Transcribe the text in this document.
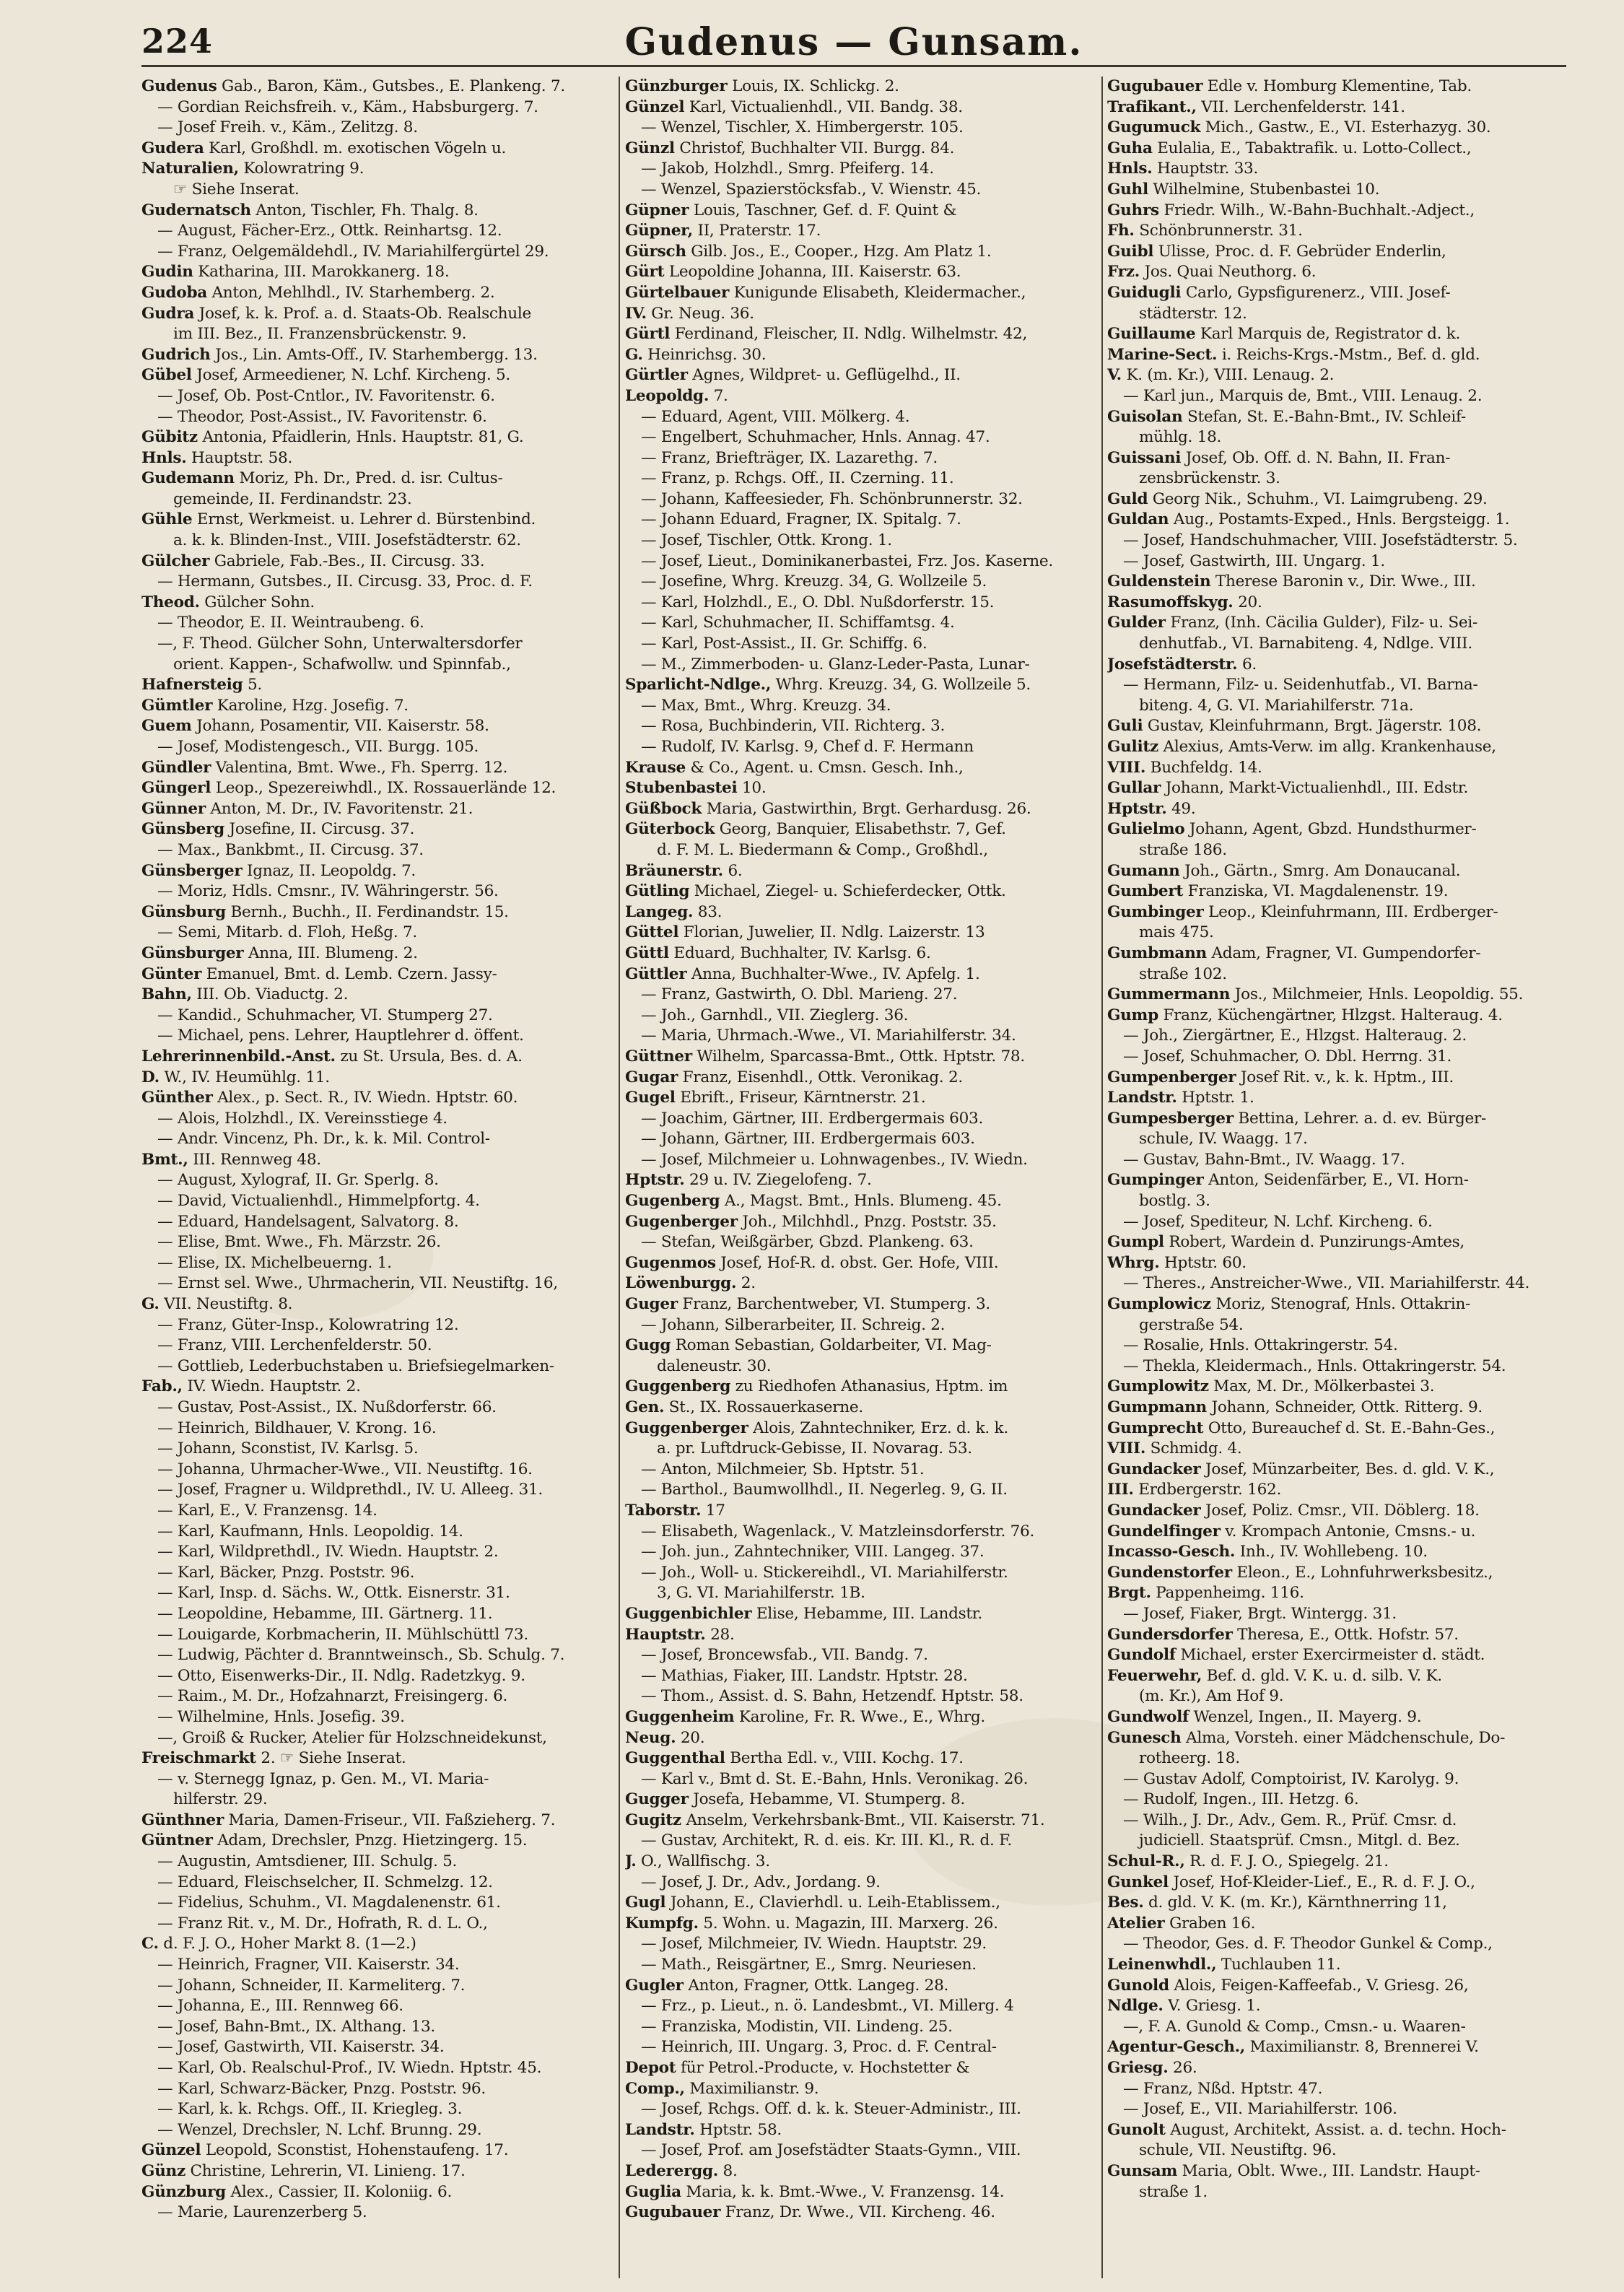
224	Gudenus — Gunsam.
Gudenus Gab., Baron, Käm., Gutsbes., E. Plankeng. 7.
— Gordian Reichsfreih. v., Käm., Habsburgerg. 7.
— Josef Freih. v., Käm., Zelitzg. 8.
Gudera Karl, Großhdl. m. exotischen Vögeln u.
Naturalien, Kolowratring 9.
☞ Siehe Inserat.
Gudernatsch Anton, Tischler, Fh. Thalg. 8.
— August, Fächer-Erz., Ottk. Reinhartsg. 12.
— Franz, Oelgemäldehdl., IV. Mariahilfergürtel 29.
Gudin Katharina, III. Marokkanerg. 18.
Gudoba Anton, Mehlhdl., IV. Starhemberg. 2.
Gudra Josef, k. k. Prof. a. d. Staats-Ob. Realschule
im III. Bez., II. Franzensbrückenstr. 9.
Gudrich Jos., Lin. Amts-Off., IV. Starhembergg. 13.
Gübel Josef, Armeediener, N. Lchf. Kircheng. 5.
— Josef, Ob. Post-Cntlor., IV. Favoritenstr. 6.
— Theodor, Post-Assist., IV. Favoritenstr. 6.
Gübitz Antonia, Pfaidlerin, Hnls. Hauptstr. 81, G.
Hnls. Hauptstr. 58.
Gudemann Moriz, Ph. Dr., Pred. d. isr. Cultus-
gemeinde, II. Ferdinandstr. 23.
Gühle Ernst, Werkmeist. u. Lehrer d. Bürstenbind.
a. k. k. Blinden-Inst., VIII. Josefstädterstr. 62.
Gülcher Gabriele, Fab.-Bes., II. Circusg. 33.
— Hermann, Gutsbes., II. Circusg. 33, Proc. d. F.
Theod. Gülcher Sohn.
— Theodor, E. II. Weintraubeng. 6.
—, F. Theod. Gülcher Sohn, Unterwaltersdorfer
orient. Kappen-, Schafwollw. und Spinnfab.,
Hafnersteig 5.
Gümtler Karoline, Hzg. Josefig. 7.
Guem Johann, Posamentir, VII. Kaiserstr. 58.
— Josef, Modistengesch., VII. Burgg. 105.
Gündler Valentina, Bmt. Wwe., Fh. Sperrg. 12.
Güngerl Leop., Spezereiwhdl., IX. Rossauerlände 12.
Günner Anton, M. Dr., IV. Favoritenstr. 21.
Günsberg Josefine, II. Circusg. 37.
— Max., Bankbmt., II. Circusg. 37.
Günsberger Ignaz, II. Leopoldg. 7.
— Moriz, Hdls. Cmsnr., IV. Währingerstr. 56.
Günsburg Bernh., Buchh., II. Ferdinandstr. 15.
— Semi, Mitarb. d. Floh, Heßg. 7.
Günsburger Anna, III. Blumeng. 2.
Günter Emanuel, Bmt. d. Lemb. Czern. Jassy-
Bahn, III. Ob. Viaductg. 2.
— Kandid., Schuhmacher, VI. Stumperg 27.
— Michael, pens. Lehrer, Hauptlehrer d. öffent.
Lehrerinnenbild.-Anst. zu St. Ursula, Bes. d. A.
D. W., IV. Heumühlg. 11.
Günther Alex., p. Sect. R., IV. Wiedn. Hptstr. 60.
— Alois, Holzhdl., IX. Vereinsstiege 4.
— Andr. Vincenz, Ph. Dr., k. k. Mil. Control-
Bmt., III. Rennweg 48.
— August, Xylograf, II. Gr. Sperlg. 8.
— David, Victualienhdl., Himmelpfortg. 4.
— Eduard, Handelsagent, Salvatorg. 8.
— Elise, Bmt. Wwe., Fh. Märzstr. 26.
— Elise, IX. Michelbeuerng. 1.
— Ernst sel. Wwe., Uhrmacherin, VII. Neustiftg. 16,
G. VII. Neustiftg. 8.
— Franz, Güter-Insp., Kolowratring 12.
— Franz, VIII. Lerchenfelderstr. 50.
— Gottlieb, Lederbuchstaben u. Briefsiegelmarken-
Fab., IV. Wiedn. Hauptstr. 2.
— Gustav, Post-Assist., IX. Nußdorferstr. 66.
— Heinrich, Bildhauer, V. Krong. 16.
— Johann, Sconstist, IV. Karlsg. 5.
— Johanna, Uhrmacher-Wwe., VII. Neustiftg. 16.
— Josef, Fragner u. Wildprethdl., IV. U. Alleeg. 31.
— Karl, E., V. Franzensg. 14.
— Karl, Kaufmann, Hnls. Leopoldig. 14.
— Karl, Wildprethdl., IV. Wiedn. Hauptstr. 2.
— Karl, Bäcker, Pnzg. Poststr. 96.
— Karl, Insp. d. Sächs. W., Ottk. Eisnerstr. 31.
— Leopoldine, Hebamme, III. Gärtnerg. 11.
— Louigarde, Korbmacherin, II. Mühlschüttl 73.
— Ludwig, Pächter d. Branntweinsch., Sb. Schulg. 7.
— Otto, Eisenwerks-Dir., II. Ndlg. Radetzkyg. 9.
— Raim., M. Dr., Hofzahnarzt, Freisingerg. 6.
— Wilhelmine, Hnls. Josefig. 39.
—, Groiß & Rucker, Atelier für Holzschneidekunst,
Freischmarkt 2. ☞ Siehe Inserat.
— v. Sternegg Ignaz, p. Gen. M., VI. Maria-
hilferstr. 29.
Günthner Maria, Damen-Friseur., VII. Faßzieherg. 7.
Güntner Adam, Drechsler, Pnzg. Hietzingerg. 15.
— Augustin, Amtsdiener, III. Schulg. 5.
— Eduard, Fleischselcher, II. Schmelzg. 12.
— Fidelius, Schuhm., VI. Magdalenenstr. 61.
— Franz Rit. v., M. Dr., Hofrath, R. d. L. O.,
C. d. F. J. O., Hoher Markt 8. (1—2.)
— Heinrich, Fragner, VII. Kaiserstr. 34.
— Johann, Schneider, II. Karmeliterg. 7.
— Johanna, E., III. Rennweg 66.
— Josef, Bahn-Bmt., IX. Althang. 13.
— Josef, Gastwirth, VII. Kaiserstr. 34.
— Karl, Ob. Realschul-Prof., IV. Wiedn. Hptstr. 45.
— Karl, Schwarz-Bäcker, Pnzg. Poststr. 96.
— Karl, k. k. Rchgs. Off., II. Kriegleg. 3.
— Wenzel, Drechsler, N. Lchf. Brunng. 29.
Günzel Leopold, Sconstist, Hohenstaufeng. 17.
Günz Christine, Lehrerin, VI. Linieng. 17.
Günzburg Alex., Cassier, II. Koloniig. 6.
— Marie, Laurenzerberg 5.
Günzburger Louis, IX. Schlickg. 2.
Günzel Karl, Victualienhdl., VII. Bandg. 38.
— Wenzel, Tischler, X. Himbergerstr. 105.
Günzl Christof, Buchhalter VII. Burgg. 84.
— Jakob, Holzhdl., Smrg. Pfeiferg. 14.
— Wenzel, Spazierstöcksfab., V. Wienstr. 45.
Güpner Louis, Taschner, Gef. d. F. Quint &
Güpner, II, Praterstr. 17.
Gürsch Gilb. Jos., E., Cooper., Hzg. Am Platz 1.
Gürt Leopoldine Johanna, III. Kaiserstr. 63.
Gürtelbauer Kunigunde Elisabeth, Kleidermacher.,
IV. Gr. Neug. 36.
Gürtl Ferdinand, Fleischer, II. Ndlg. Wilhelmstr. 42,
G. Heinrichsg. 30.
Gürtler Agnes, Wildpret- u. Geflügelhd., II.
Leopoldg. 7.
— Eduard, Agent, VIII. Mölkerg. 4.
— Engelbert, Schuhmacher, Hnls. Annag. 47.
— Franz, Briefträger, IX. Lazarethg. 7.
— Franz, p. Rchgs. Off., II. Czerning. 11.
— Johann, Kaffeesieder, Fh. Schönbrunnerstr. 32.
— Johann Eduard, Fragner, IX. Spitalg. 7.
— Josef, Tischler, Ottk. Krong. 1.
— Josef, Lieut., Dominikanerbastei, Frz. Jos. Kaserne.
— Josefine, Whrg. Kreuzg. 34, G. Wollzeile 5.
— Karl, Holzhdl., E., O. Dbl. Nußdorferstr. 15.
— Karl, Schuhmacher, II. Schiffamtsg. 4.
— Karl, Post-Assist., II. Gr. Schiffg. 6.
— M., Zimmerboden- u. Glanz-Leder-Pasta, Lunar-
Sparlicht-Ndlge., Whrg. Kreuzg. 34, G. Wollzeile 5.
— Max, Bmt., Whrg. Kreuzg. 34.
— Rosa, Buchbinderin, VII. Richterg. 3.
— Rudolf, IV. Karlsg. 9, Chef d. F. Hermann
Krause & Co., Agent. u. Cmsn. Gesch. Inh.,
Stubenbastei 10.
Güßbock Maria, Gastwirthin, Brgt. Gerhardusg. 26.
Güterbock Georg, Banquier, Elisabethstr. 7, Gef.
d. F. M. L. Biedermann & Comp., Großhdl.,
Bräunerstr. 6.
Gütling Michael, Ziegel- u. Schieferdecker, Ottk.
Langeg. 83.
Güttel Florian, Juwelier, II. Ndlg. Laizerstr. 13
Güttl Eduard, Buchhalter, IV. Karlsg. 6.
Güttler Anna, Buchhalter-Wwe., IV. Apfelg. 1.
— Franz, Gastwirth, O. Dbl. Marieng. 27.
— Joh., Garnhdl., VII. Zieglerg. 36.
— Maria, Uhrmach.-Wwe., VI. Mariahilferstr. 34.
Güttner Wilhelm, Sparcassa-Bmt., Ottk. Hptstr. 78.
Gugar Franz, Eisenhdl., Ottk. Veronikag. 2.
Gugel Ebrift., Friseur, Kärntnerstr. 21.
— Joachim, Gärtner, III. Erdbergermais 603.
— Johann, Gärtner, III. Erdbergermais 603.
— Josef, Milchmeier u. Lohnwagenbes., IV. Wiedn.
Hptstr. 29 u. IV. Ziegelofeng. 7.
Gugenberg A., Magst. Bmt., Hnls. Blumeng. 45.
Gugenberger Joh., Milchhdl., Pnzg. Poststr. 35.
— Stefan, Weißgärber, Gbzd. Plankeng. 63.
Gugenmos Josef, Hof-R. d. obst. Ger. Hofe, VIII.
Löwenburgg. 2.
Guger Franz, Barchentweber, VI. Stumperg. 3.
— Johann, Silberarbeiter, II. Schreig. 2.
Gugg Roman Sebastian, Goldarbeiter, VI. Mag-
daleneustr. 30.
Guggenberg zu Riedhofen Athanasius, Hptm. im
Gen. St., IX. Rossauerkaserne.
Guggenberger Alois, Zahntechniker, Erz. d. k. k.
a. pr. Luftdruck-Gebisse, II. Novarag. 53.
— Anton, Milchmeier, Sb. Hptstr. 51.
— Barthol., Baumwollhdl., II. Negerleg. 9, G. II.
Taborstr. 17
— Elisabeth, Wagenlack., V. Matzleinsdorferstr. 76.
— Joh. jun., Zahntechniker, VIII. Langeg. 37.
— Joh., Woll- u. Stickereihdl., VI. Mariahilferstr.
3, G. VI. Mariahilferstr. 1B.
Guggenbichler Elise, Hebamme, III. Landstr.
Hauptstr. 28.
— Josef, Broncewsfab., VII. Bandg. 7.
— Mathias, Fiaker, III. Landstr. Hptstr. 28.
— Thom., Assist. d. S. Bahn, Hetzendf. Hptstr. 58.
Guggenheim Karoline, Fr. R. Wwe., E., Whrg.
Neug. 20.
Guggenthal Bertha Edl. v., VIII. Kochg. 17.
— Karl v., Bmt d. St. E.-Bahn, Hnls. Veronikag. 26.
Gugger Josefa, Hebamme, VI. Stumperg. 8.
Gugitz Anselm, Verkehrsbank-Bmt., VII. Kaiserstr. 71.
— Gustav, Architekt, R. d. eis. Kr. III. Kl., R. d. F.
J. O., Wallfischg. 3.
— Josef, J. Dr., Adv., Jordang. 9.
Gugl Johann, E., Clavierhdl. u. Leih-Etablissem.,
Kumpfg. 5. Wohn. u. Magazin, III. Marxerg. 26.
— Josef, Milchmeier, IV. Wiedn. Hauptstr. 29.
— Math., Reisgärtner, E., Smrg. Neuriesen.
Gugler Anton, Fragner, Ottk. Langeg. 28.
— Frz., p. Lieut., n. ö. Landesbmt., VI. Millerg. 4
— Franziska, Modistin, VII. Lindeng. 25.
— Heinrich, III. Ungarg. 3, Proc. d. F. Central-
Depot für Petrol.-Producte, v. Hochstetter &
Comp., Maximilianstr. 9.
— Josef, Rchgs. Off. d. k. k. Steuer-Administr., III.
Landstr. Hptstr. 58.
— Josef, Prof. am Josefstädter Staats-Gymn., VIII.
Lederergg. 8.
Guglia Maria, k. k. Bmt.-Wwe., V. Franzensg. 14.
Gugubauer Franz, Dr. Wwe., VII. Kircheng. 46.
Gugubauer Edle v. Homburg Klementine, Tab.
Trafikant., VII. Lerchenfelderstr. 141.
Gugumuck Mich., Gastw., E., VI. Esterhazyg. 30.
Guha Eulalia, E., Tabaktrafik. u. Lotto-Collect.,
Hnls. Hauptstr. 33.
Guhl Wilhelmine, Stubenbastei 10.
Guhrs Friedr. Wilh., W.-Bahn-Buchhalt.-Adject.,
Fh. Schönbrunnerstr. 31.
Guibl Ulisse, Proc. d. F. Gebrüder Enderlin,
Frz. Jos. Quai Neuthorg. 6.
Guidugli Carlo, Gypsfigurenerz., VIII. Josef-
städterstr. 12.
Guillaume Karl Marquis de, Registrator d. k.
Marine-Sect. i. Reichs-Krgs.-Mstm., Bef. d. gld.
V. K. (m. Kr.), VIII. Lenaug. 2.
— Karl jun., Marquis de, Bmt., VIII. Lenaug. 2.
Guisolan Stefan, St. E.-Bahn-Bmt., IV. Schleif-
mühlg. 18.
Guissani Josef, Ob. Off. d. N. Bahn, II. Fran-
zensbrückenstr. 3.
Guld Georg Nik., Schuhm., VI. Laimgrubeng. 29.
Guldan Aug., Postamts-Exped., Hnls. Bergsteigg. 1.
— Josef, Handschuhmacher, VIII. Josefstädterstr. 5.
— Josef, Gastwirth, III. Ungarg. 1.
Guldenstein Therese Baronin v., Dir. Wwe., III.
Rasumoffskyg. 20.
Gulder Franz, (Inh. Cäcilia Gulder), Filz- u. Sei-
denhutfab., VI. Barnabiteng. 4, Ndlge. VIII.
Josefstädterstr. 6.
— Hermann, Filz- u. Seidenhutfab., VI. Barna-
biteng. 4, G. VI. Mariahilferstr. 71a.
Guli Gustav, Kleinfuhrmann, Brgt. Jägerstr. 108.
Gulitz Alexius, Amts-Verw. im allg. Krankenhause,
VIII. Buchfeldg. 14.
Gullar Johann, Markt-Victualienhdl., III. Edstr.
Hptstr. 49.
Gulielmo Johann, Agent, Gbzd. Hundsthurmer-
straße 186.
Gumann Joh., Gärtn., Smrg. Am Donaucanal.
Gumbert Franziska, VI. Magdalenenstr. 19.
Gumbinger Leop., Kleinfuhrmann, III. Erdberger-
mais 475.
Gumbmann Adam, Fragner, VI. Gumpendorfer-
straße 102.
Gummermann Jos., Milchmeier, Hnls. Leopoldig. 55.
Gump Franz, Küchengärtner, Hlzgst. Halteraug. 4.
— Joh., Ziergärtner, E., Hlzgst. Halteraug. 2.
— Josef, Schuhmacher, O. Dbl. Herrng. 31.
Gumpenberger Josef Rit. v., k. k. Hptm., III.
Landstr. Hptstr. 1.
Gumpesberger Bettina, Lehrer. a. d. ev. Bürger-
schule, IV. Waagg. 17.
— Gustav, Bahn-Bmt., IV. Waagg. 17.
Gumpinger Anton, Seidenfärber, E., VI. Horn-
bostlg. 3.
— Josef, Spediteur, N. Lchf. Kircheng. 6.
Gumpl Robert, Wardein d. Punzirungs-Amtes,
Whrg. Hptstr. 60.
— Theres., Anstreicher-Wwe., VII. Mariahilferstr. 44.
Gumplowicz Moriz, Stenograf, Hnls. Ottakrin-
gerstraße 54.
— Rosalie, Hnls. Ottakringerstr. 54.
— Thekla, Kleidermach., Hnls. Ottakringerstr. 54.
Gumplowitz Max, M. Dr., Mölkerbastei 3.
Gumpmann Johann, Schneider, Ottk. Ritterg. 9.
Gumprecht Otto, Bureauchef d. St. E.-Bahn-Ges.,
VIII. Schmidg. 4.
Gundacker Josef, Münzarbeiter, Bes. d. gld. V. K.,
III. Erdbergerstr. 162.
Gundacker Josef, Poliz. Cmsr., VII. Döblerg. 18.
Gundelfinger v. Krompach Antonie, Cmsns.- u.
Incasso-Gesch. Inh., IV. Wohllebeng. 10.
Gundenstorfer Eleon., E., Lohnfuhrwerksbesitz.,
Brgt. Pappenheimg. 116.
— Josef, Fiaker, Brgt. Wintergg. 31.
Gundersdorfer Theresa, E., Ottk. Hofstr. 57.
Gundolf Michael, erster Exercirmeister d. städt.
Feuerwehr, Bef. d. gld. V. K. u. d. silb. V. K.
(m. Kr.), Am Hof 9.
Gundwolf Wenzel, Ingen., II. Mayerg. 9.
Gunesch Alma, Vorsteh. einer Mädchenschule, Do-
rotheerg. 18.
— Gustav Adolf, Comptoirist, IV. Karolyg. 9.
— Rudolf, Ingen., III. Hetzg. 6.
— Wilh., J. Dr., Adv., Gem. R., Prüf. Cmsr. d.
judiciell. Staatsprüf. Cmsn., Mitgl. d. Bez.
Schul-R., R. d. F. J. O., Spiegelg. 21.
Gunkel Josef, Hof-Kleider-Lief., E., R. d. F. J. O.,
Bes. d. gld. V. K. (m. Kr.), Kärnthnerring 11,
Atelier Graben 16.
— Theodor, Ges. d. F. Theodor Gunkel & Comp.,
Leinenwhdl., Tuchlauben 11.
Gunold Alois, Feigen-Kaffeefab., V. Griesg. 26,
Ndlge. V. Griesg. 1.
—, F. A. Gunold & Comp., Cmsn.- u. Waaren-
Agentur-Gesch., Maximilianstr. 8, Brennerei V.
Griesg. 26.
— Franz, Nßd. Hptstr. 47.
— Josef, E., VII. Mariahilferstr. 106.
Gunolt August, Architekt, Assist. a. d. techn. Hoch-
schule, VII. Neustiftg. 96.
Gunsam Maria, Oblt. Wwe., III. Landstr. Haupt-
straße 1.
